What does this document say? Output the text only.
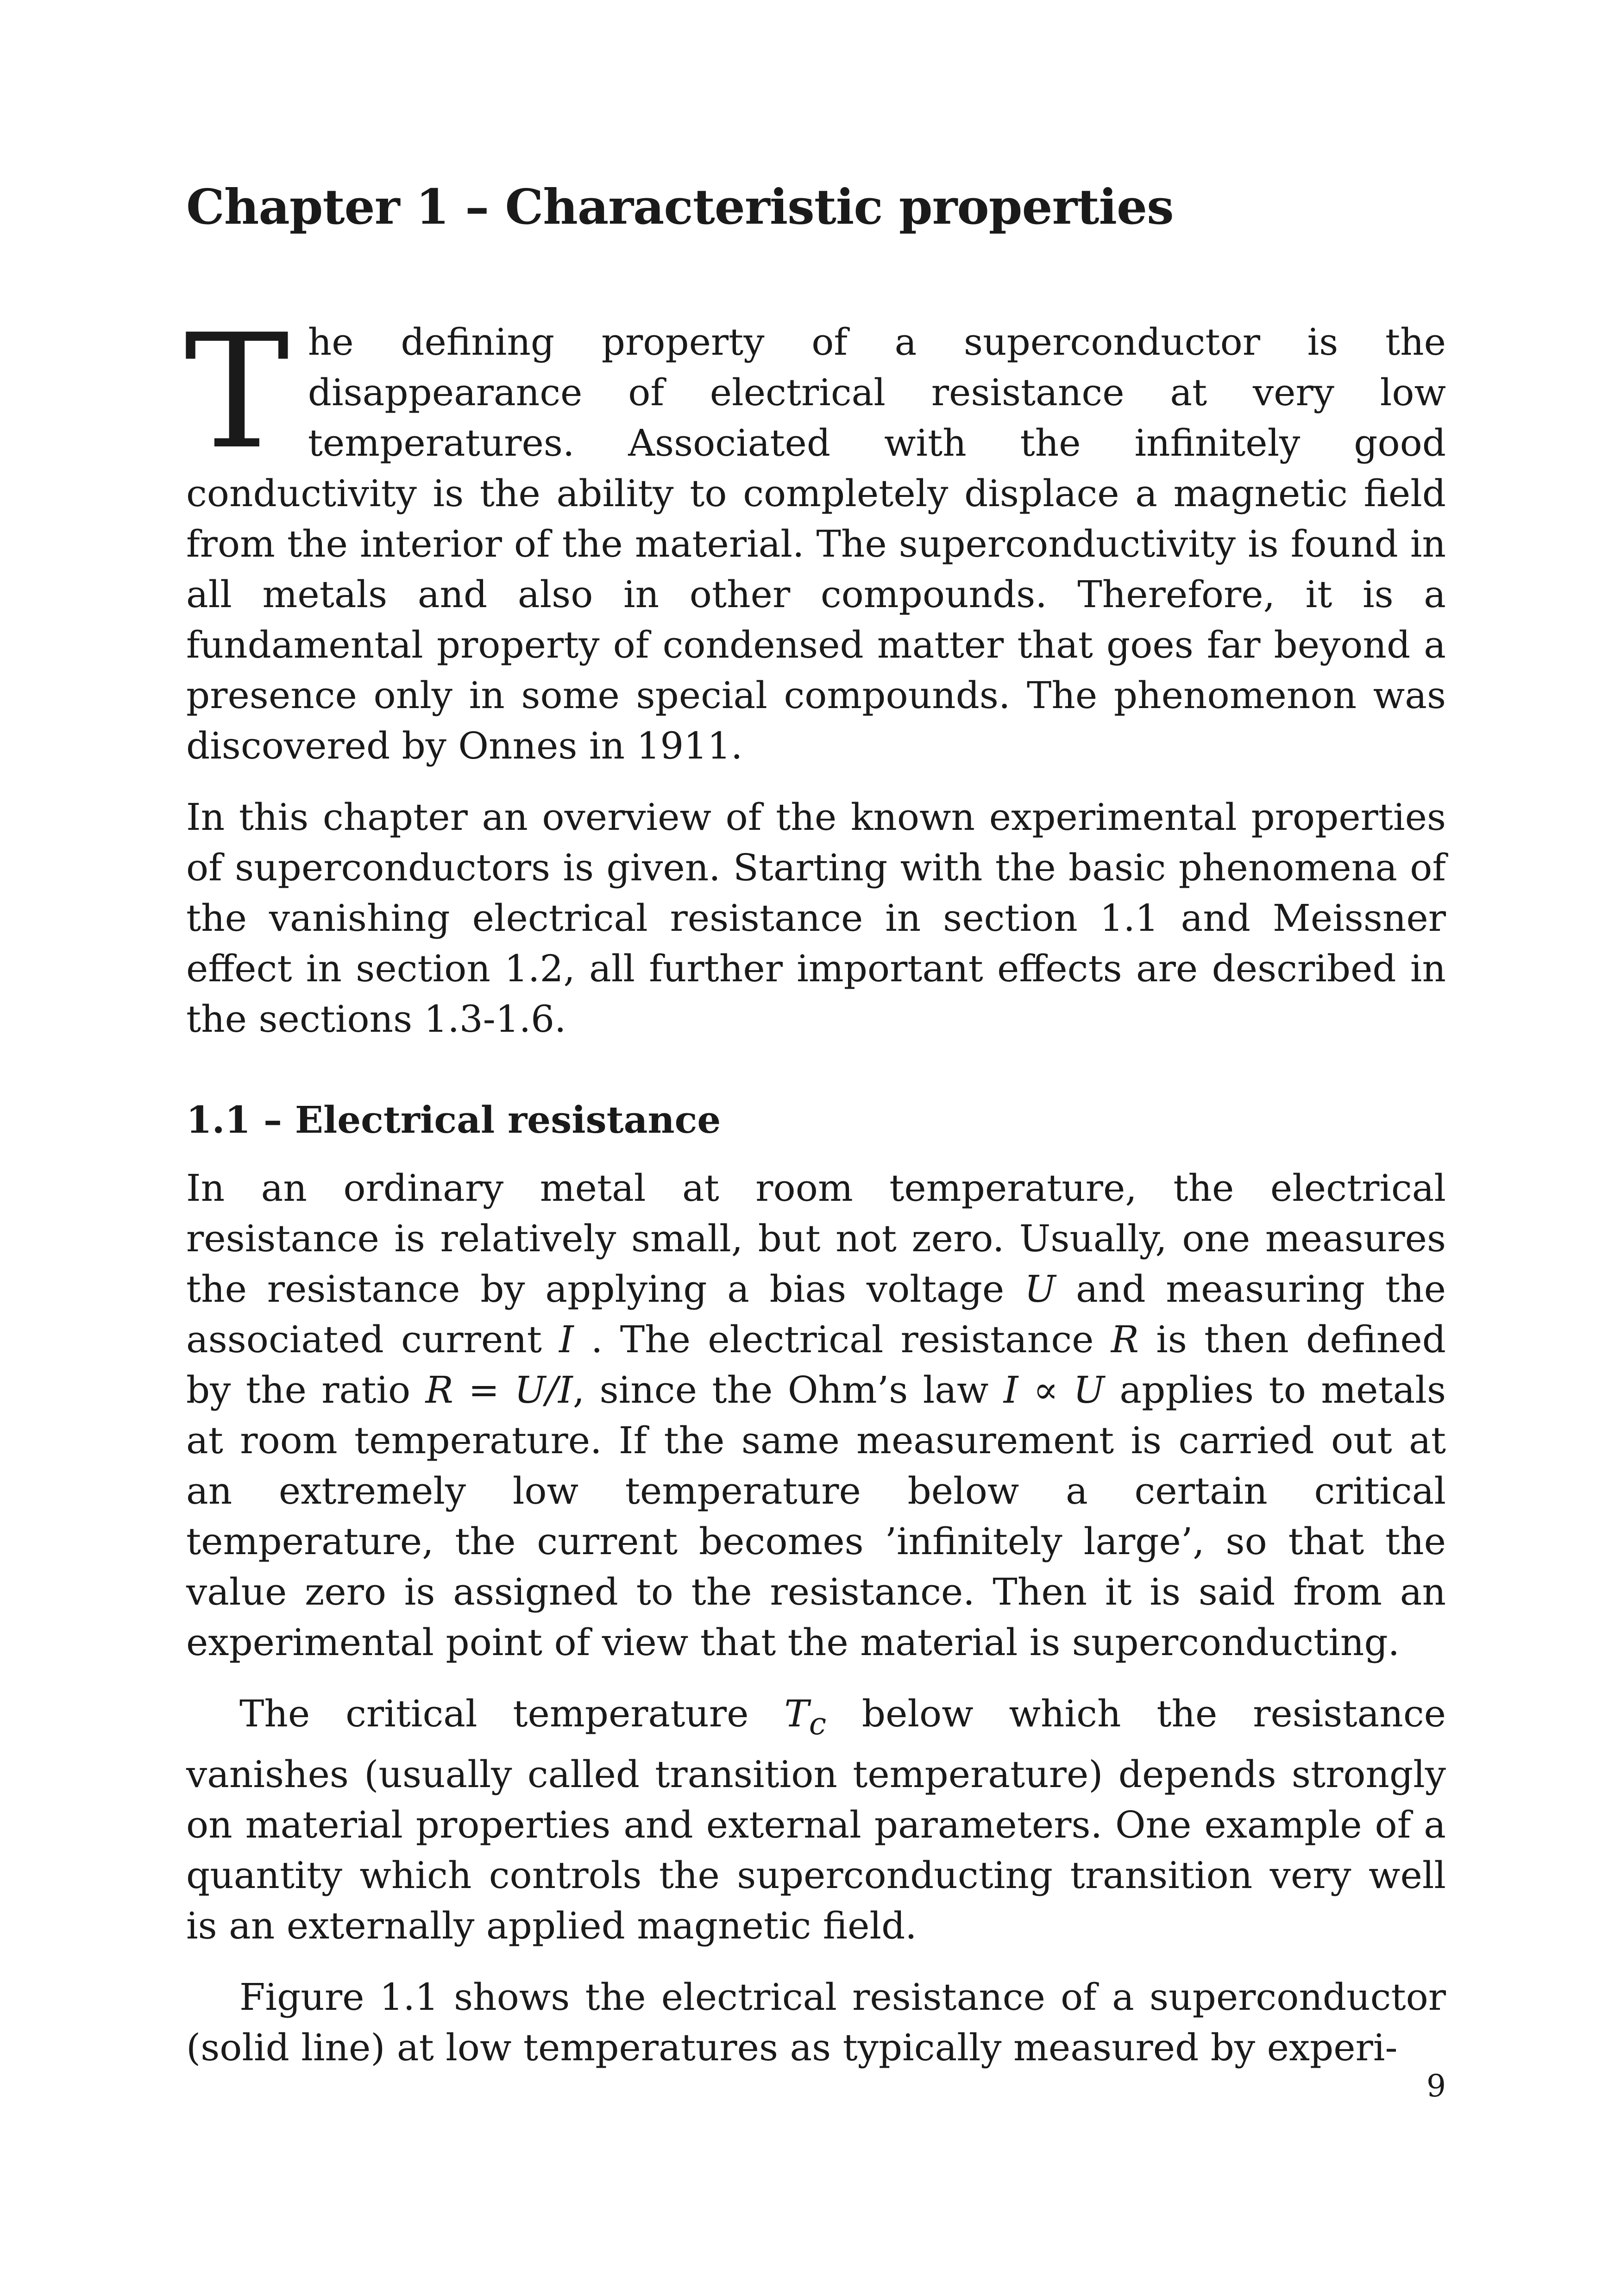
Chapter 1 – Characteristic properties

The defining property of a superconductor is the disappearance of electrical resistance at very low temperatures. Associated with the infinitely good conductivity is the ability to completely displace a magnetic field from the interior of the material. The superconductivity is found in all metals and also in other compounds. Therefore, it is a fundamental property of condensed matter that goes far beyond a presence only in some special compounds. The phenomenon was discovered by Onnes in 1911.

In this chapter an overview of the known experimental properties of superconductors is given. Starting with the basic phenomena of the vanishing electrical resistance in section 1.1 and Meissner effect in section 1.2, all further important effects are described in the sections 1.3-1.6.

1.1 – Electrical resistance

In an ordinary metal at room temperature, the electrical resistance is relatively small, but not zero. Usually, one measures the resistance by applying a bias voltage U and measuring the associated current I . The electrical resistance R is then defined by the ratio R = U/I, since the Ohm’s law I ∝ U applies to metals at room temperature. If the same measurement is carried out at an extremely low temperature below a certain critical temperature, the current becomes ’infinitely large’, so that the value zero is assigned to the resistance. Then it is said from an experimental point of view that the material is superconducting.

The critical temperature $T_c$ below which the resistance vanishes (usually called transition temperature) depends strongly on material properties and external parameters. One example of a quantity which controls the superconducting transition very well is an externally applied magnetic field.

Figure 1.1 shows the electrical resistance of a superconductor (solid line) at low temperatures as typically measured by experi-

9
